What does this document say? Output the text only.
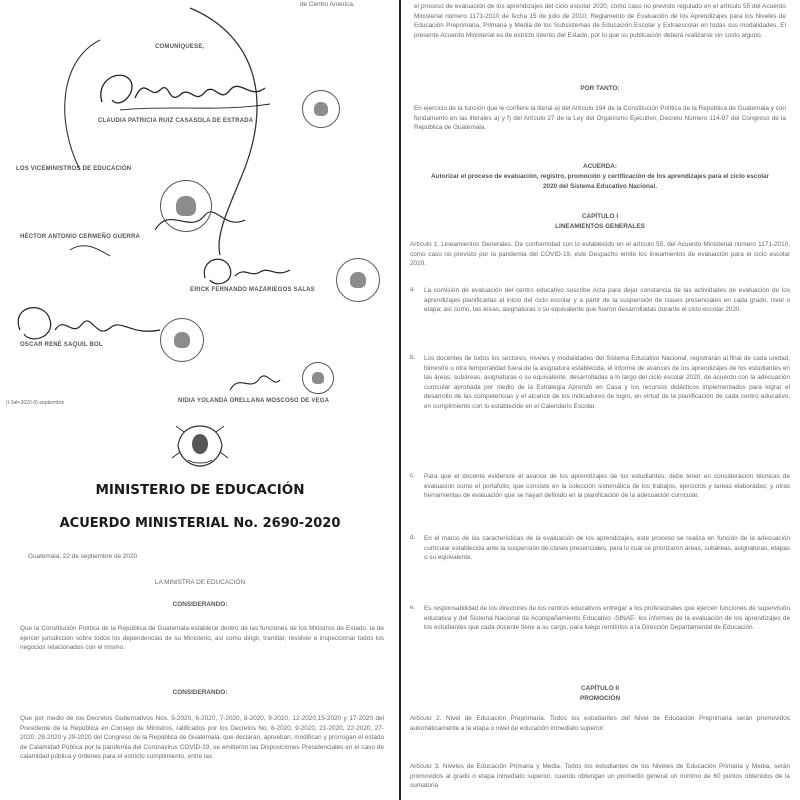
de Centro América.
COMUNÍQUESE,
CLAUDIA PATRICIA RUIZ CASASOLA DE ESTRADA
LOS VICEMINISTROS DE EDUCACIÓN
HÉCTOR ANTONIO CERMEÑO GUERRA
ERICK FERNANDO MAZARIEGOS SALAS
OSCAR RENÉ SAQUIL BOL
(I-3ah-2020-3)-septiembre	NIDIA YOLANDA ORELLANA MOSCOSO DE VEGA
MINISTERIO DE EDUCACIÓN
ACUERDO MINISTERIAL No. 2690-2020
Guatemala, 22 de septiembre de 2020
LA MINISTRA DE EDUCACIÓN
CONSIDERANDO:

Que la Constitución Política de la República de Guatemala establece dentro de las funciones de los Ministros de Estado, la de ejercer jurisdicción sobre todos los dependencias de su Ministerio, así como dirigir, tramitar, resolver e inspeccionar todos los negocios relacionados con el mismo.

CONSIDERANDO:

Que por medio de los Decretos Gubernativos Nos. 5-2020, 6-2020, 7-2020, 8-2020, 9-2020, 12-2020,15-2020 y 17-2020 del Presidente de la República en Consejo de Ministros, ratificados por los Decretos No. 8-2020, 9-2020, 21-2020, 22-2020, 27-2020, 28-2020 y 29-2020 del Congreso de la República de Guatemala, que declaran, aprueban, modifican y prorrogan el estado de Calamidad Pública por la pandemia del Coronavirus COVID-19, se emitieron las Disposiciones Presidenciales en el caso de calamidad pública y órdenes para el estricto cumplimiento, entre las

el proceso de evaluación de los aprendizajes del ciclo escolar 2020, como caso no previsto regulado en el artículo 55 del Acuerdo Ministerial número 1171-2010 de fecha 15 de julio de 2010, Reglamento de Evaluación de los Aprendizajes para los Niveles de Educación Preprimaria, Primaria y Media de los Subsistemas de Educación Escolar y Extraescolar en todas sus modalidades. El presente Acuerdo Ministerial es de estricto interés del Estado, por lo que su publicación deberá realizarse sin costo alguno.

POR TANTO:

En ejercicio de la función que le confiere la literal a) del Artículo 194 de la Constitución Política de la República de Guatemala y con fundamento en las literales a) y f) del Artículo 27 de la Ley del Organismo Ejecutivo, Decreto Número 114-97 del Congreso de la República de Guatemala.

ACUERDA:

Autorizar el proceso de evaluación, registro, promoción y certificación de los aprendizajes para el ciclo escolar 2020 del Sistema Educativo Nacional.

CAPÍTULO I
LINEAMIENTOS GENERALES

Artículo 1. Lineamientos Generales. De conformidad con lo establecido en el artículo 55, del Acuerdo Ministerial número 1171-2010, como caso no previsto por la pandemia del COVID-19, este Despacho emite los lineamientos de evaluación para el ciclo escolar 2020.

a. La comisión de evaluación del centro educativo suscribe Acta para dejar constancia de las actividades de evaluación de los aprendizajes planificadas al inicio del ciclo escolar y a partir de la suspensión de clases presenciales en cada grado, nivel o etapa; así como, las áreas, asignaturas o su equivalente que fueron desarrolladas durante el ciclo escolar 2020.

b. Los docentes de todos los sectores, niveles y modalidades del Sistema Educativo Nacional, registrarán al final de cada unidad, bimestre u otra temporalidad fuera de la asignatura establecida, el informe de avances de los aprendizajes de los estudiantes en las áreas, subáreas, asignaturas o su equivalente, desarrolladas a lo largo del ciclo escolar 2020, de acuerdo con la adecuación curricular aprobada por medio de la Estrategia Aprendo en Casa y los recursos didácticos implementados para lograr el desarrollo de las competencias y el alcance de los indicadores de logro, en virtud de la planificación de cada centro educativo, en cumplimiento con lo establecido en el Calendario Escolar.

c. Para que el docente evidencie el avance de los aprendizajes de los estudiantes, debe tener en consideración técnicas de evaluación como el portafolio, que consiste en la colección sistemática de los trabajos, ejercicios y tareas elaboradas; y otras herramientas de evaluación que se hayan definido en la planificación de la adecuación curricular.

d. En el marco de las características de la evaluación de los aprendizajes, este proceso se realiza en función de la adecuación curricular establecida ante la suspensión de clases presenciales, para lo cual se priorizaron áreas, subáreas, asignaturas, etapas o su equivalente.

e. Es responsabilidad de los directores de los centros educativos entregar a los profesionales que ejercen funciones de supervisión educativa y del Sistema Nacional de Acompañamiento Educativo -SINAE- los informes de la evaluación de los aprendizajes de los estudiantes que cada docente tiene a su cargo, para luego remitirlos a la Dirección Departamental de Educación.

CAPÍTULO II
PROMOCIÓN

Artículo 2. Nivel de Educación Preprimaria. Todos los estudiantes del Nivel de Educación Preprimaria serán promovidos automáticamente a la etapa o nivel de educación inmediato superior.

Artículo 3. Niveles de Educación Primaria y Media. Todos los estudiantes de los Niveles de Educación Primaria y Media, serán promovidos al grado o etapa inmediato superior, cuando obtengan un promedio general un mínimo de 60 puntos obtenidos de la sumatoria
